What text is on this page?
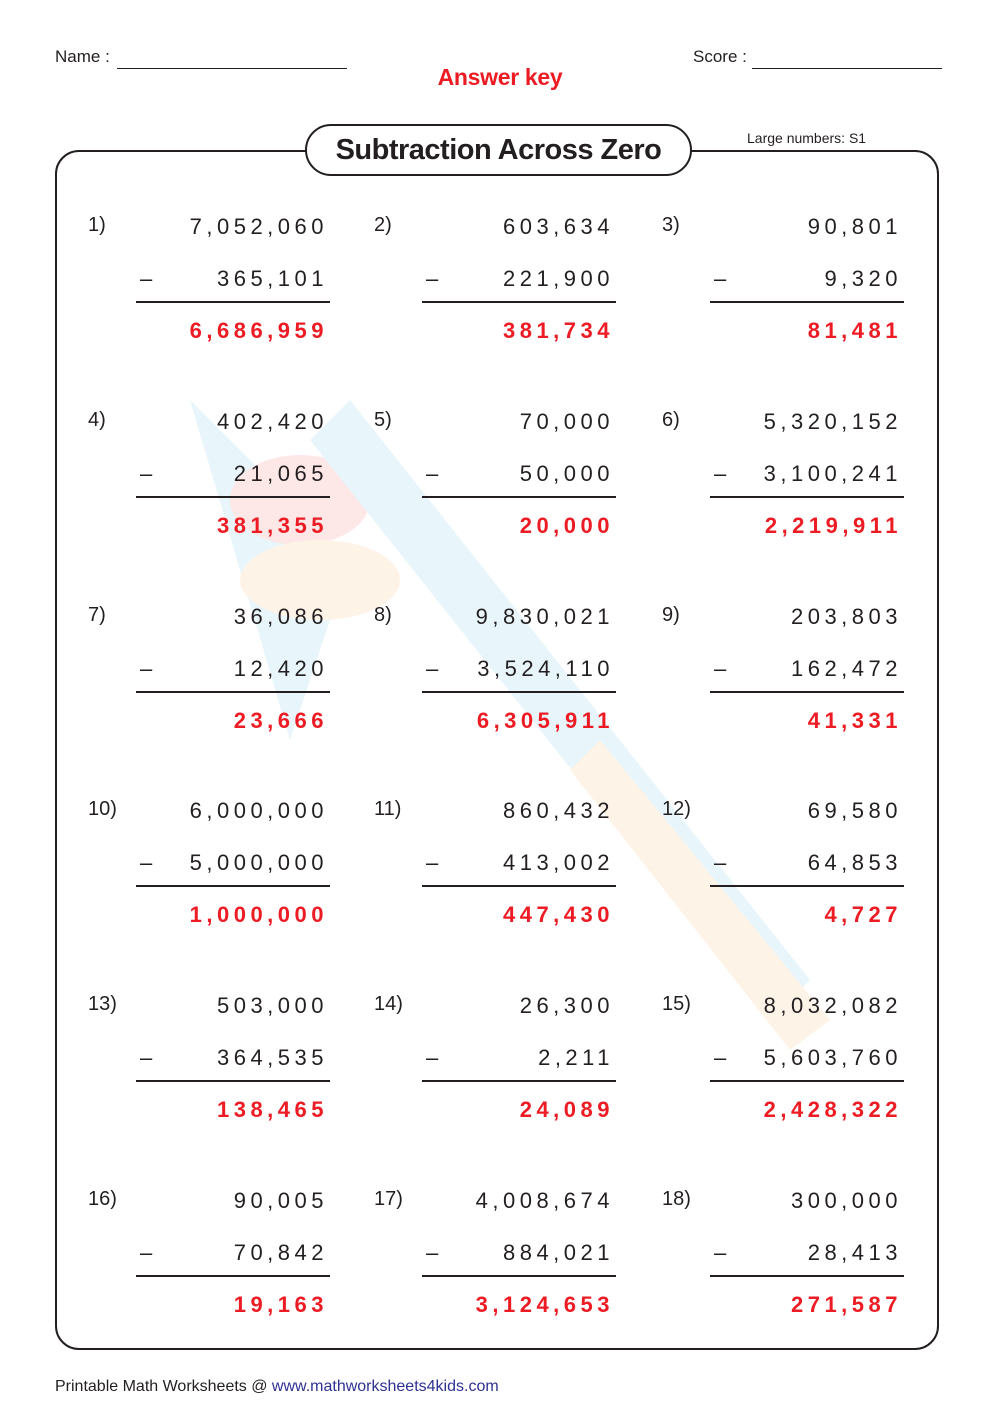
Name :	Score :
Answer key
Subtraction Across Zero	Large numbers: S1
1)	7,052,060
–	365,101
6,686,959
2)	603,634
–	221,900
381,734
3)	90,801
–	9,320
81,481
4)	402,420
–	21,065
381,355
5)	70,000
–	50,000
20,000
6)	5,320,152
– 3,100,241
2,219,911
7)	36,086
–	12,420
23,666
8)	9,830,021
– 3,524,110
6,305,911
9)	203,803
–	162,472
41,331
10)	6,000,000
– 5,000,000
1,000,000
11)	860,432
–	413,002
447,430
12)	69,580
–	64,853
4,727
13)	503,000
–	364,535
138,465
14)	26,300
–	2,211
24,089
15)	8,032,082
– 5,603,760
2,428,322
16)	90,005
–	70,842
19,163
17)	4,008,674
–	884,021
3,124,653
18)	300,000
–	28,413
271,587
Printable Math Worksheets @ www.mathworksheets4kids.com
